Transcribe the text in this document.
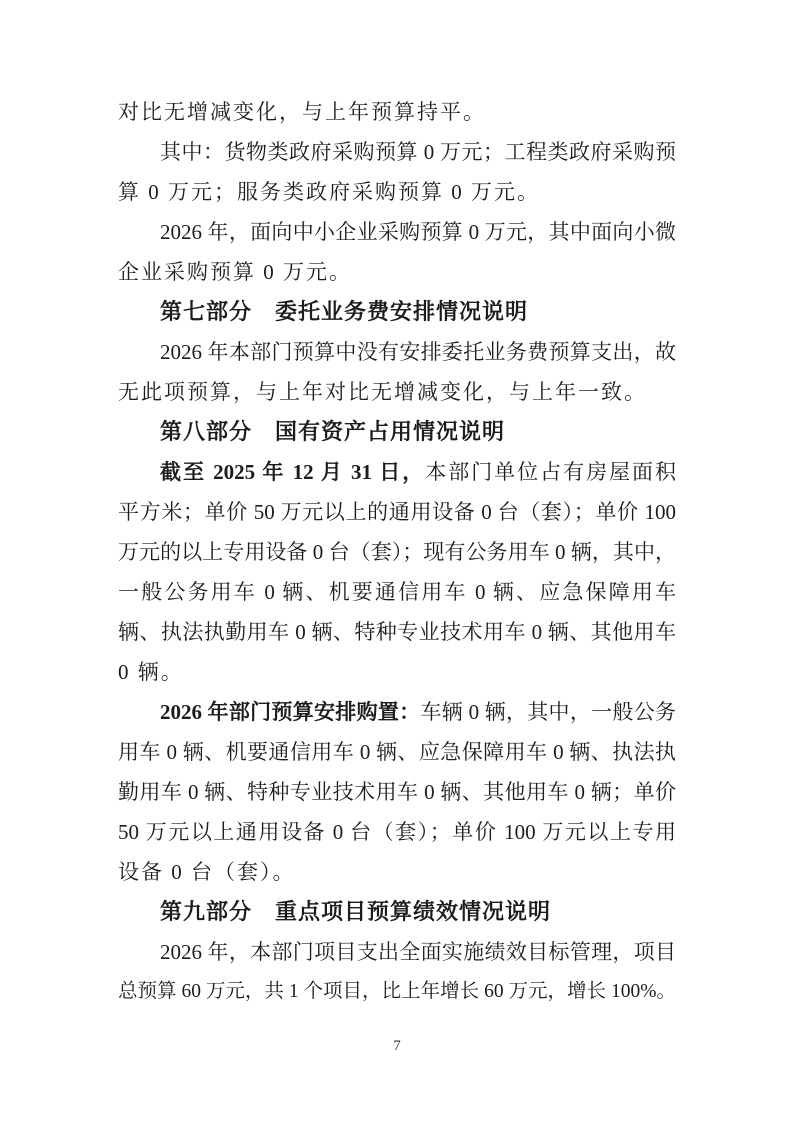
对比无增减变化，与上年预算持平。
其中：货物类政府采购预算 0 万元；工程类政府采购预
算 0 万元；服务类政府采购预算 0 万元。
2026 年，面向中小企业采购预算 0 万元，其中面向小微
企业采购预算 0 万元。
第七部分　委托业务费安排情况说明
2026 年本部门预算中没有安排委托业务费预算支出，故
无此项预算，与上年对比无增减变化，与上年一致。
第八部分　国有资产占用情况说明
截至 2025 年 12 月 31 日，本部门单位占有房屋面积
平方米；单价 50 万元以上的通用设备 0 台（套）；单价 100
万元的以上专用设备 0 台（套）；现有公务用车 0 辆，其中，
一般公务用车 0 辆、机要通信用车 0 辆、应急保障用车
辆、执法执勤用车 0 辆、特种专业技术用车 0 辆、其他用车
0 辆。
2026 年部门预算安排购置：车辆 0 辆，其中，一般公务
用车 0 辆、机要通信用车 0 辆、应急保障用车 0 辆、执法执
勤用车 0 辆、特种专业技术用车 0 辆、其他用车 0 辆；单价
50 万元以上通用设备 0 台（套）；单价 100 万元以上专用
设备 0 台（套）。
第九部分　重点项目预算绩效情况说明
2026 年，本部门项目支出全面实施绩效目标管理，项目
总预算 60 万元，共 1 个项目，比上年增长 60 万元，增长 100%。
7
